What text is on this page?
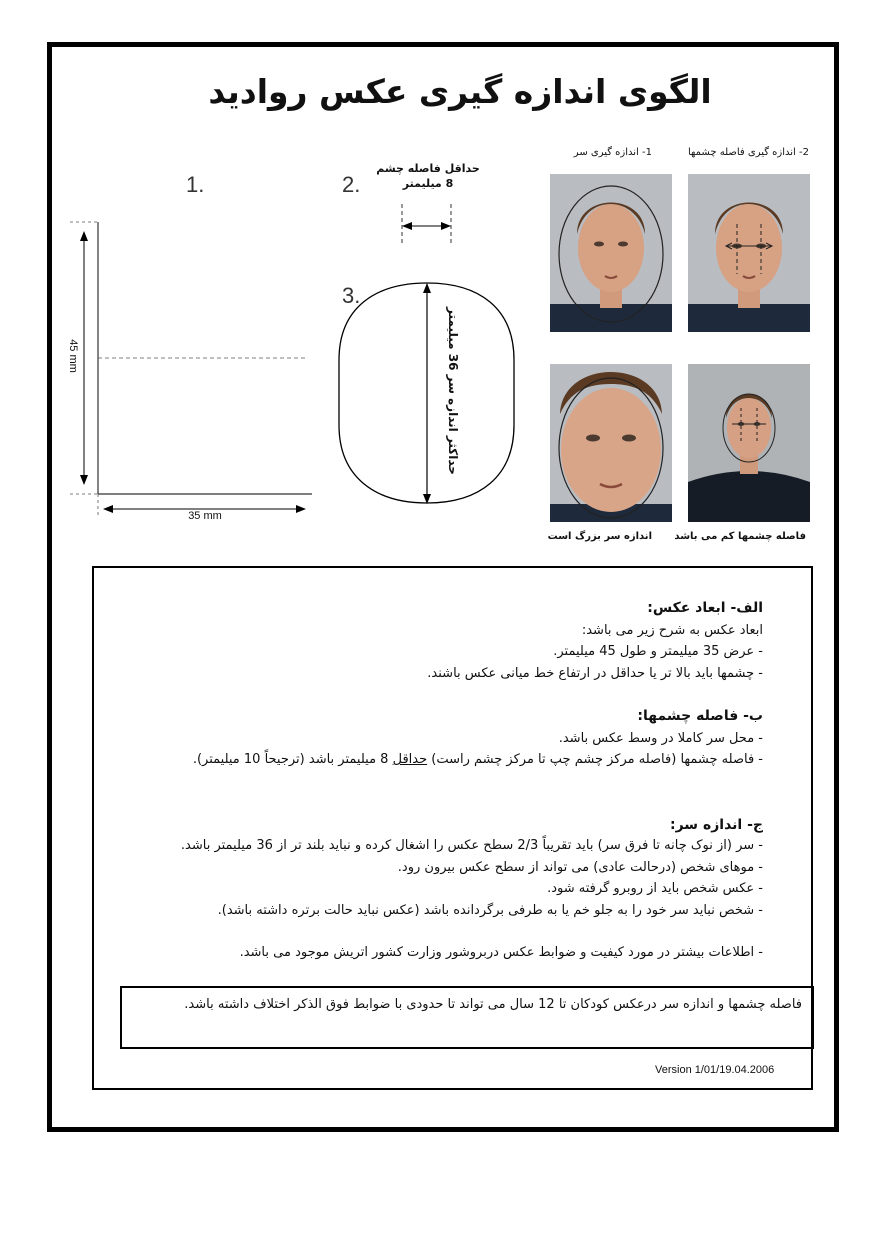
الگوی اندازه گیری عکس روادید
1.	2.
3.
حداقل فاصله چشم
8 میلیمتر
45 mm
35 mm
حداکثر اندازه سر 36 میلیمتر
2- اندازه گیری فاصله چشمها
1- اندازه گیری سر
فاصله چشمها کم می باشد
اندازه سر بزرگ است
الف- ابعاد عکس:
ابعاد عکس به شرح زیر می باشد:
- عرض 35 میلیمتر و طول 45 میلیمتر.
- چشمها باید بالا تر یا حداقل در ارتفاع خط میانی عکس باشند.
ب- فاصله چشمها:
- محل سر کاملا در وسط عکس باشد.
- فاصله چشمها (فاصله مرکز چشم چپ تا مرکز چشم راست) حداقل 8 میلیمتر باشد (ترجیحاً 10 میلیمتر).
ج- اندازه سر:
- سر (از نوک چانه تا فرق سر) باید تقریباً 2/3 سطح عکس را اشغال کرده و نباید بلند تر از 36 میلیمتر باشد.
- موهای شخص (درحالت عادی) می تواند از سطح عکس بیرون رود.
- عکس شخص باید از روبرو گرفته شود.
- شخص نباید سر خود را به جلو خم یا به طرفی برگردانده باشد (عکس نباید حالت برتره داشته باشد).
- اطلاعات بیشتر در مورد کیفیت و ضوابط عکس دربروشور وزارت کشور اتریش موجود می باشد.
فاصله چشمها و اندازه سر درعکس کودکان تا 12 سال می تواند تا حدودی با ضوابط فوق الذکر اختلاف داشته باشد.
Version 1/01/19.04.2006
